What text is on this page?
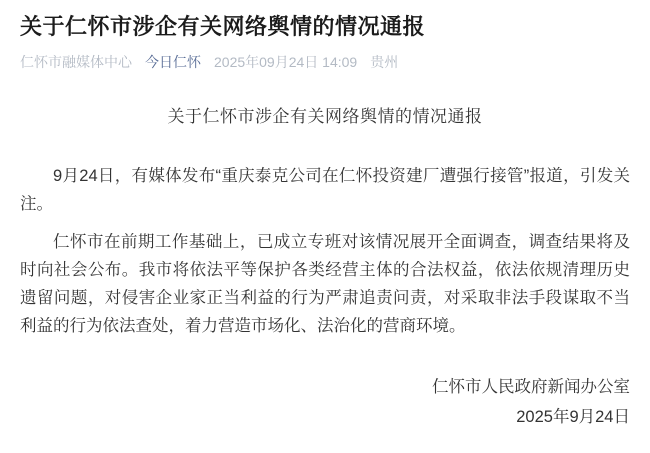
关于仁怀市涉企有关网络舆情的情况通报
仁怀市融媒体中心 今日仁怀 2025年09月24日 14:09 贵州
关于仁怀市涉企有关网络舆情的情况通报

9月24日，有媒体发布“重庆泰克公司在仁怀投资建厂遭强行接管”报道，引发关注。

仁怀市在前期工作基础上，已成立专班对该情况展开全面调查，调查结果将及时向社会公布。我市将依法平等保护各类经营主体的合法权益，依法依规清理历史遗留问题，对侵害企业家正当利益的行为严肃追责问责，对采取非法手段谋取不当利益的行为依法查处，着力营造市场化、法治化的营商环境。

仁怀市人民政府新闻办公室

2025年9月24日
